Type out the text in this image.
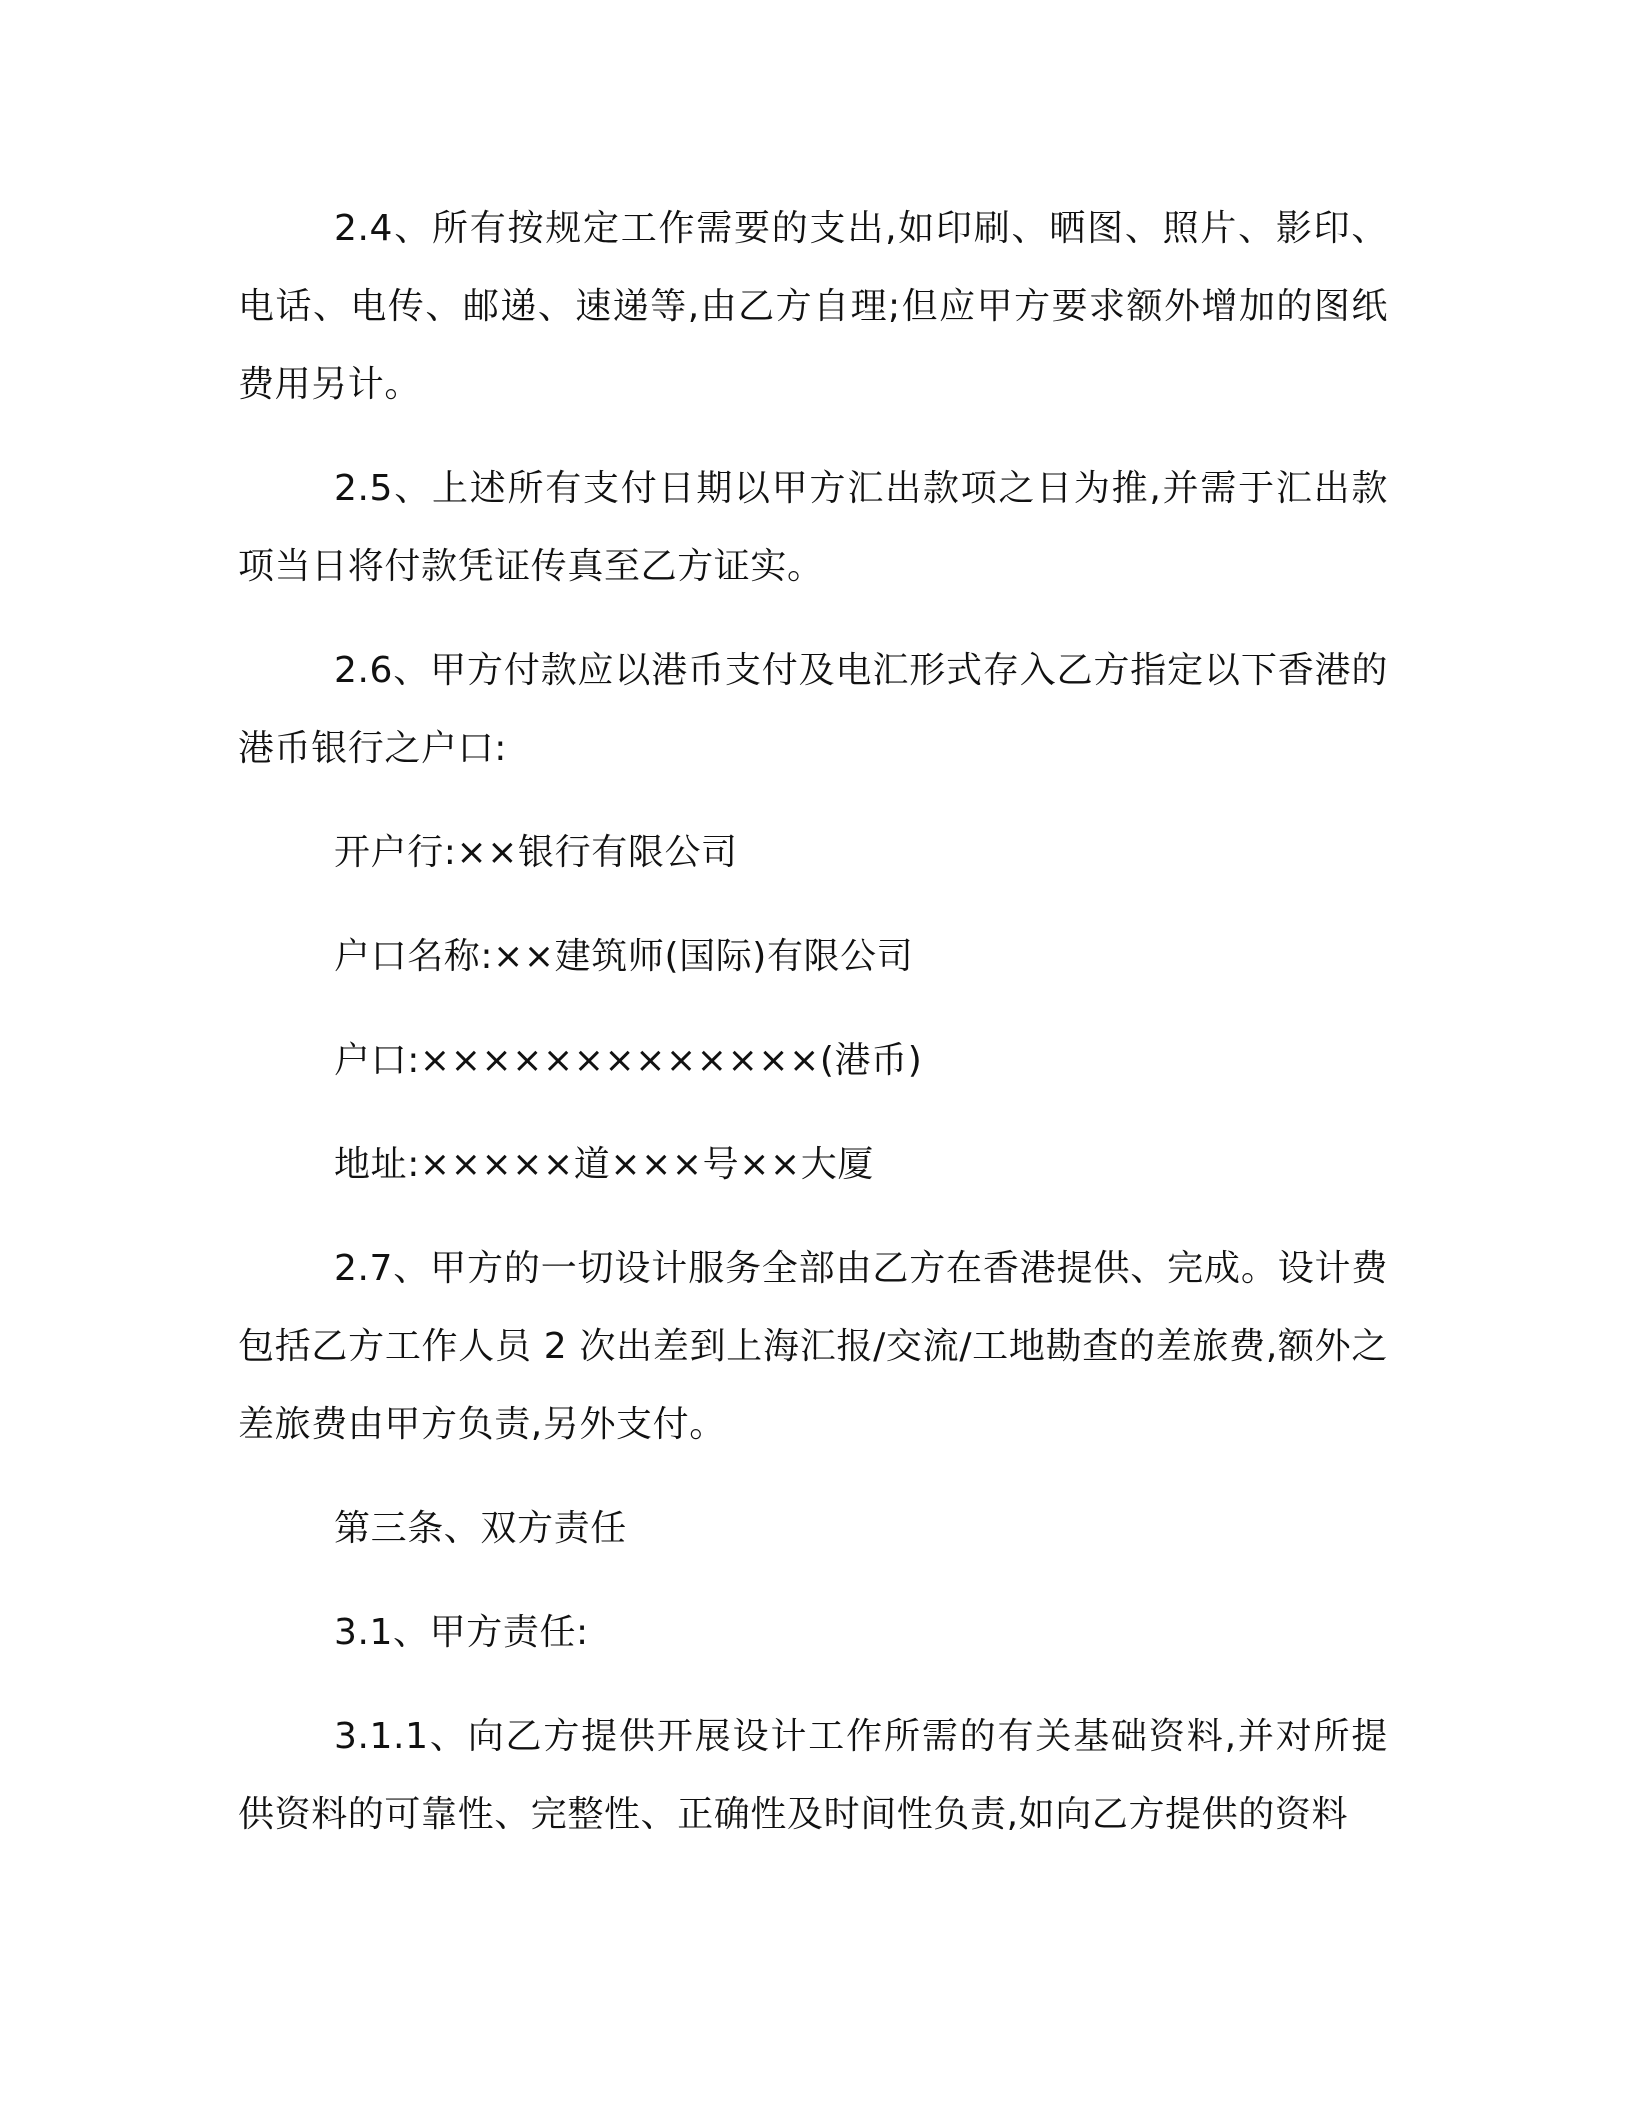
2.4、所有按规定工作需要的支出,如印刷、晒图、照片、影印、电话、电传、邮递、速递等,由乙方自理;但应甲方要求额外增加的图纸费用另计。

2.5、上述所有支付日期以甲方汇出款项之日为推,并需于汇出款项当日将付款凭证传真至乙方证实。

2.6、甲方付款应以港币支付及电汇形式存入乙方指定以下香港的港币银行之户口:

开户行:××银行有限公司

户口名称:××建筑师(国际)有限公司

户口:×××××××××××××(港币)

地址:×××××道×××号××大厦

2.7、甲方的一切设计服务全部由乙方在香港提供、完成。设计费包括乙方工作人员 2 次出差到上海汇报/交流/工地勘查的差旅费,额外之差旅费由甲方负责,另外支付。

第三条、双方责任

3.1、甲方责任:

3.1.1、向乙方提供开展设计工作所需的有关基础资料,并对所提供资料的可靠性、完整性、正确性及时间性负责,如向乙方提供的资料
